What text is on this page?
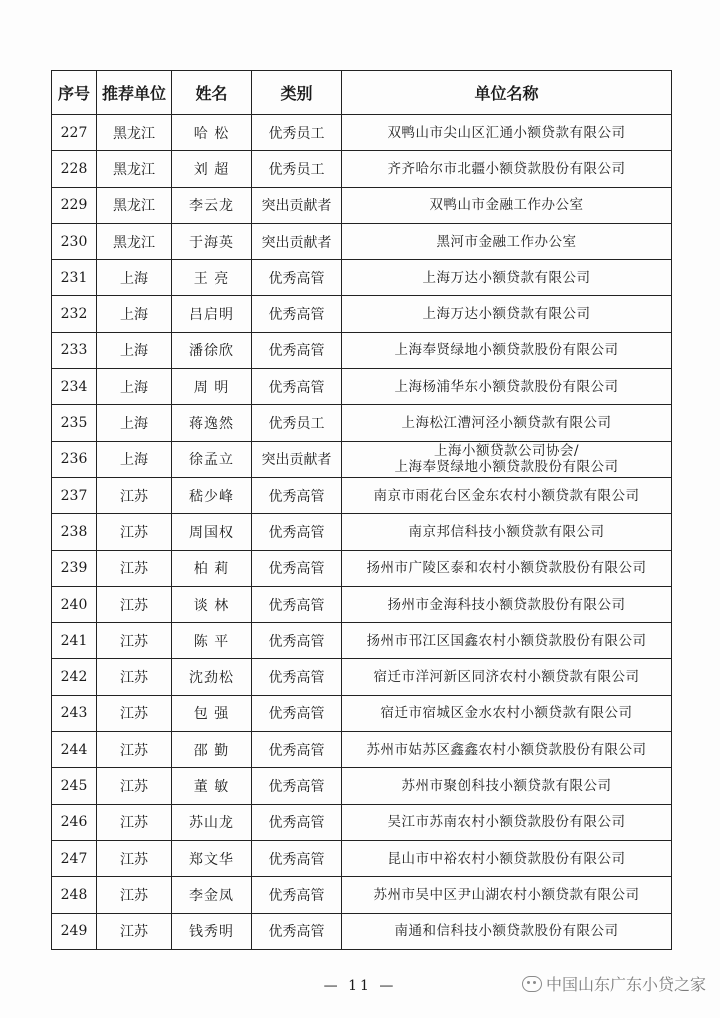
序号	推荐单位	姓名	类别	单位名称
227	黑龙江	哈 松	优秀员工	双鸭山市尖山区汇通小额贷款有限公司

228	黑龙江	刘 超	优秀员工	齐齐哈尔市北疆小额贷款股份有限公司

229	黑龙江	李云龙	突出贡献者	双鸭山市金融工作办公室

230	黑龙江	于海英	突出贡献者	黑河市金融工作办公室

231	上海	王 亮	优秀高管	上海万达小额贷款有限公司

232	上海	吕启明	优秀高管	上海万达小额贷款有限公司

233	上海	潘徐欣	优秀高管	上海奉贤绿地小额贷款股份有限公司

234	上海	周 明	优秀高管	上海杨浦华东小额贷款股份有限公司

235	上海	蒋逸然	优秀员工	上海松江漕河泾小额贷款有限公司

236	上海	徐孟立	突出贡献者	上海小额贷款公司协会/
上海奉贤绿地小额贷款股份有限公司

237	江苏	嵇少峰	优秀高管	南京市雨花台区金东农村小额贷款有限公司

238	江苏	周国权	优秀高管	南京邦信科技小额贷款有限公司

239	江苏	柏 莉	优秀高管	扬州市广陵区泰和农村小额贷款股份有限公司

240	江苏	谈 林	优秀高管	扬州市金海科技小额贷款股份有限公司

241	江苏	陈 平	优秀高管	扬州市邗江区国鑫农村小额贷款股份有限公司

242	江苏	沈劲松	优秀高管	宿迁市洋河新区同济农村小额贷款有限公司

243	江苏	包 强	优秀高管	宿迁市宿城区金水农村小额贷款有限公司

244	江苏	邵 勤	优秀高管	苏州市姑苏区鑫鑫农村小额贷款股份有限公司

245	江苏	董 敏	优秀高管	苏州市聚创科技小额贷款有限公司

246	江苏	苏山龙	优秀高管	吴江市苏南农村小额贷款股份有限公司

247	江苏	郑文华	优秀高管	昆山市中裕农村小额贷款股份有限公司

248	江苏	李金凤	优秀高管	苏州市吴中区尹山湖农村小额贷款有限公司

249	江苏	钱秀明	优秀高管	南通和信科技小额贷款股份有限公司
— 11 —	中国山东广东小贷之家
